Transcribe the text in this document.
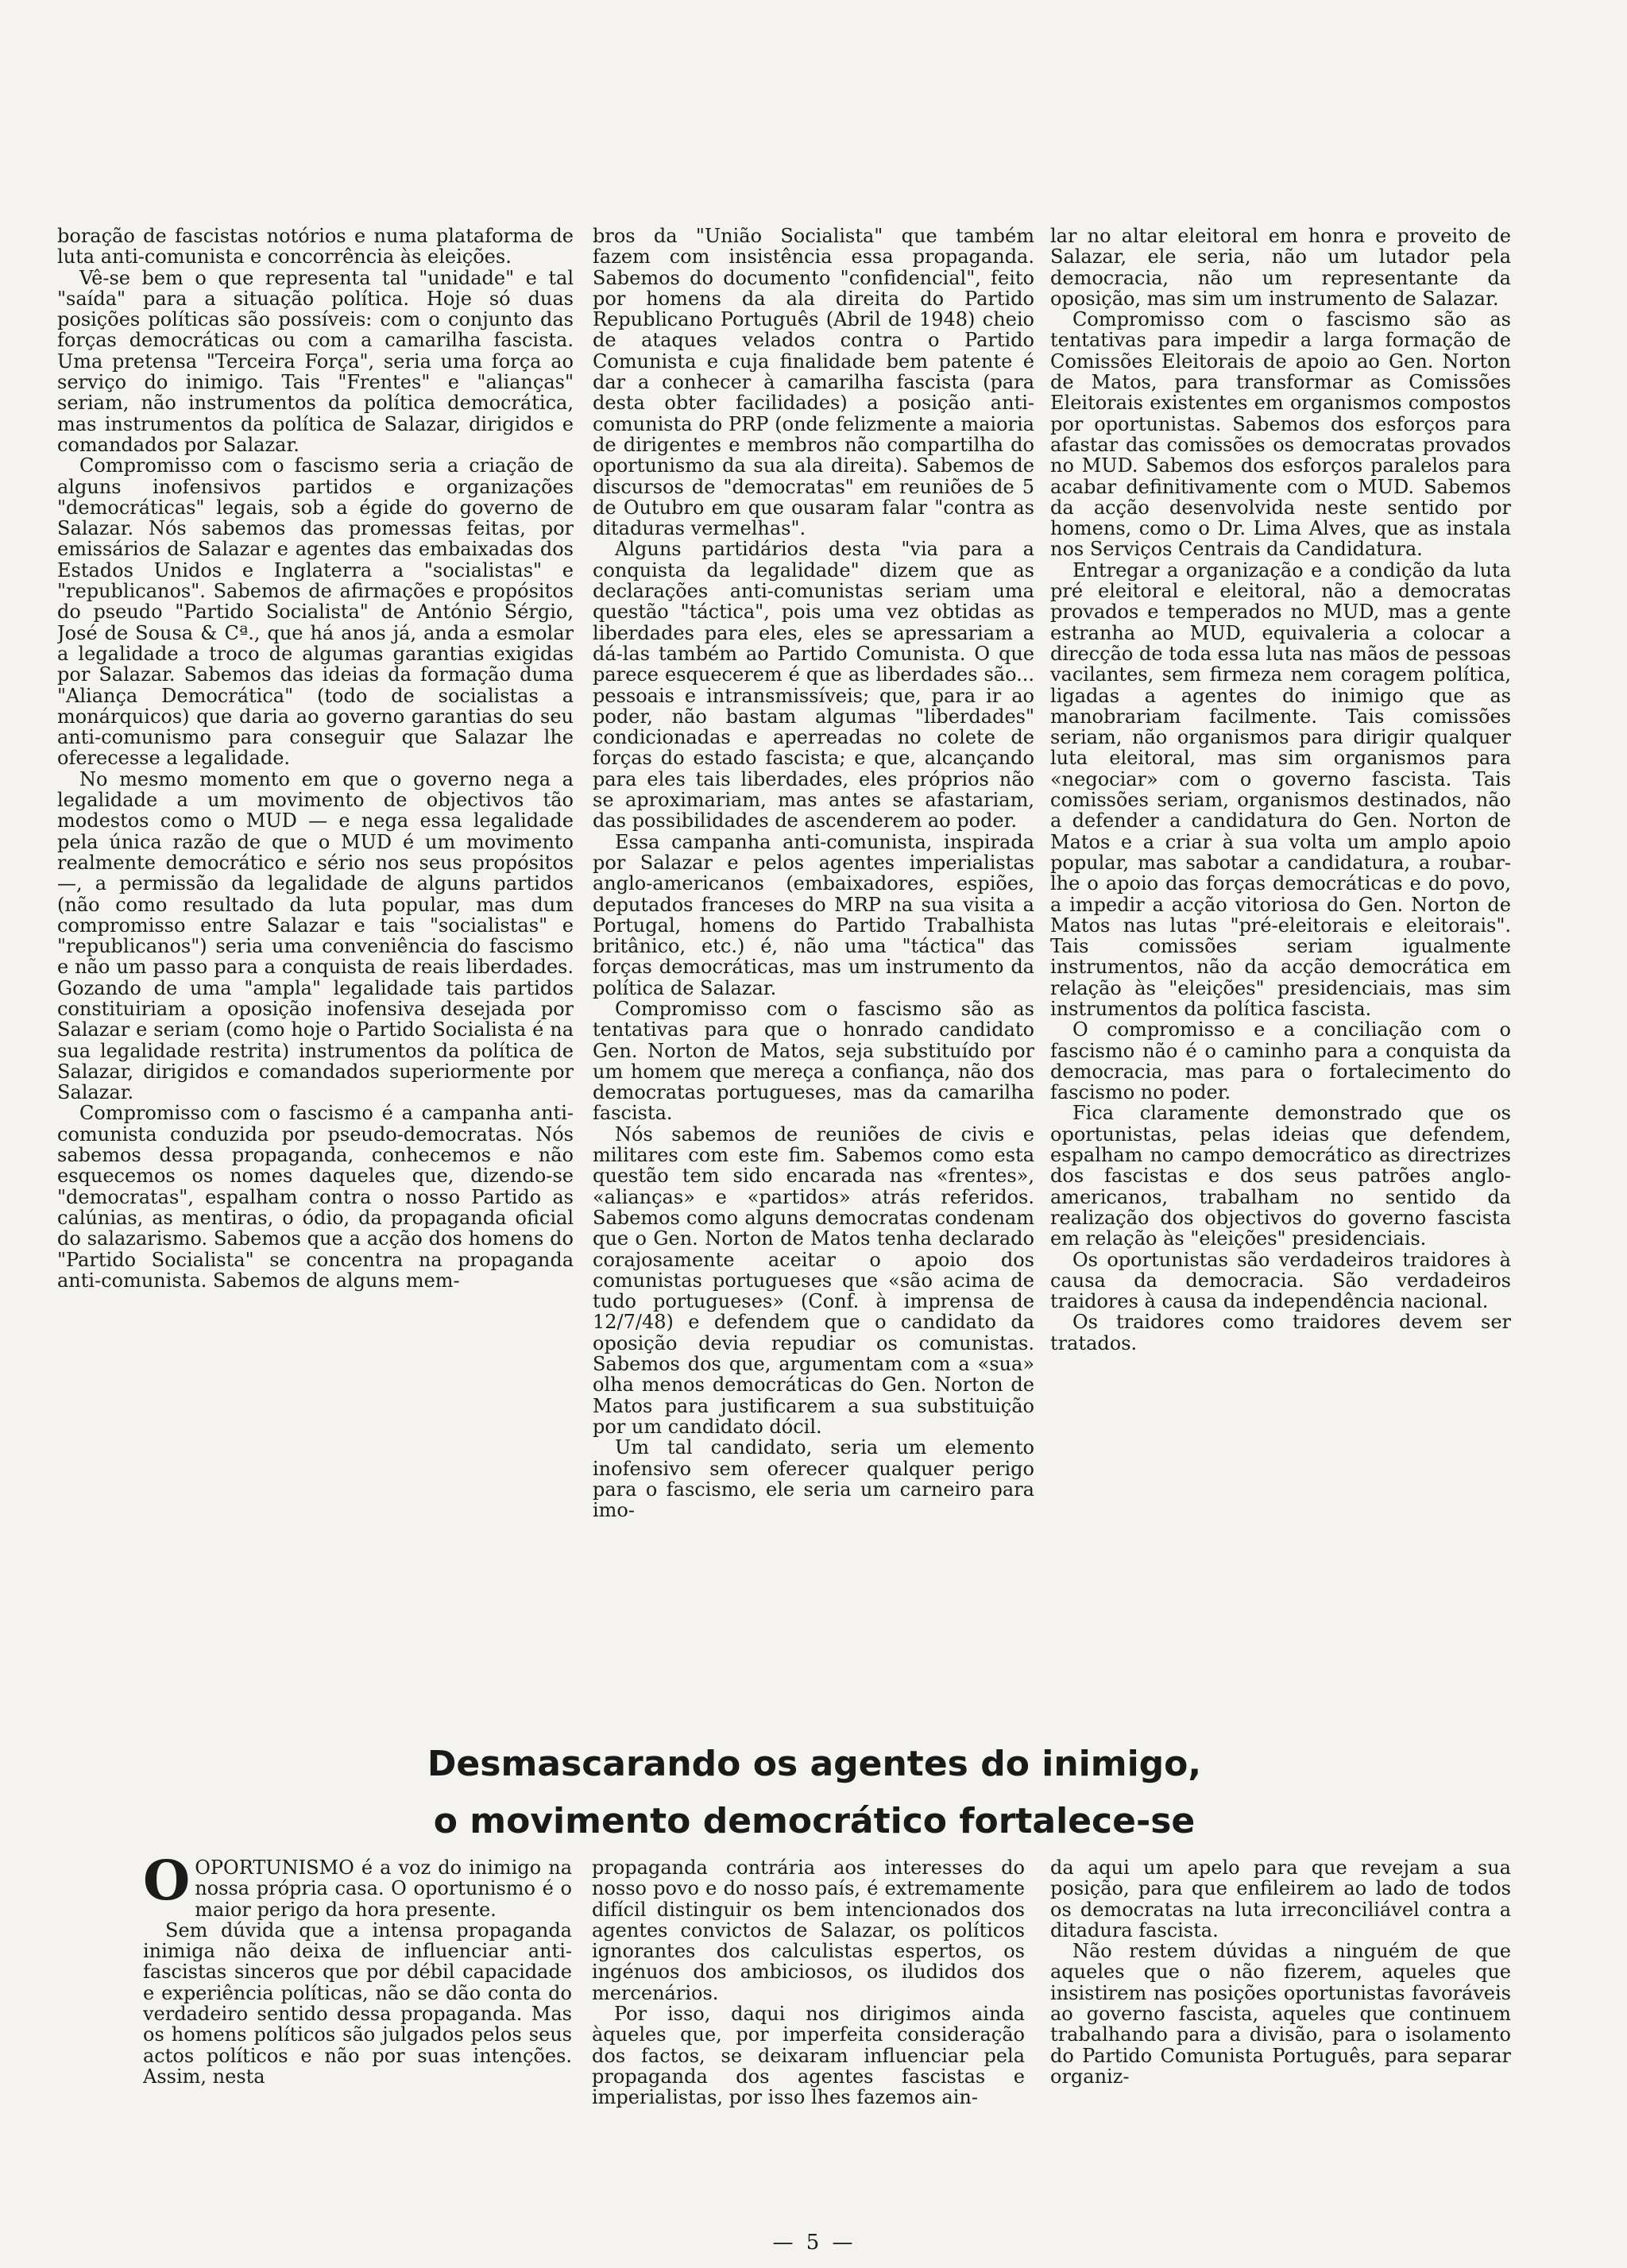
boração de fascistas notórios e numa plataforma de luta anti-comunista e concorrência às eleições.

Vê-se bem o que representa tal "unidade" e tal "saída" para a situação política. Hoje só duas posições políticas são possíveis: com o conjunto das forças democráticas ou com a camarilha fascista. Uma pretensa "Terceira Força", seria uma força ao serviço do inimigo. Tais "Frentes" e "alianças" seriam, não instrumentos da política democrática, mas instrumentos da política de Salazar, dirigidos e comandados por Salazar.

Compromisso com o fascismo seria a criação de alguns inofensivos partidos e organizações "democráticas" legais, sob a égide do governo de Salazar. Nós sabemos das promessas feitas, por emissários de Salazar e agentes das embaixadas dos Estados Unidos e Inglaterra a "socialistas" e "republicanos". Sabemos de afirmações e propósitos do pseudo "Partido Socialista" de António Sérgio, José de Sousa & Cª., que há anos já, anda a esmolar a legalidade a troco de algumas garantias exigidas por Salazar. Sabemos das ideias da formação duma "Aliança Democrática" (todo de socialistas a monárquicos) que daria ao governo garantias do seu anti-comunismo para conseguir que Salazar lhe oferecesse a legalidade.

No mesmo momento em que o governo nega a legalidade a um movimento de objectivos tão modestos como o MUD — e nega essa legalidade pela única razão de que o MUD é um movimento realmente democrático e sério nos seus propósitos —, a permissão da legalidade de alguns partidos (não como resultado da luta popular, mas dum compromisso entre Salazar e tais "socialistas" e "republicanos") seria uma conveniência do fascismo e não um passo para a conquista de reais liberdades. Gozando de uma "ampla" legalidade tais partidos constituiriam a oposição inofensiva desejada por Salazar e seriam (como hoje o Partido Socialista é na sua legalidade restrita) instrumentos da política de Salazar, dirigidos e comandados superiormente por Salazar.

Compromisso com o fascismo é a campanha anti-comunista conduzida por pseudo-democratas. Nós sabemos dessa propaganda, conhecemos e não esquecemos os nomes daqueles que, dizendo-se "democratas", espalham contra o nosso Partido as calúnias, as mentiras, o ódio, da propaganda oficial do salazarismo. Sabemos que a acção dos homens do "Partido Socialista" se concentra na propaganda anti-comunista. Sabemos de alguns mem-

bros da "União Socialista" que também fazem com insistência essa propaganda. Sabemos do documento "confidencial", feito por homens da ala direita do Partido Republicano Português (Abril de 1948) cheio de ataques velados contra o Partido Comunista e cuja finalidade bem patente é dar a conhecer à camarilha fascista (para desta obter facilidades) a posição anti-comunista do PRP (onde felizmente a maioria de dirigentes e membros não compartilha do oportunismo da sua ala direita). Sabemos de discursos de "democratas" em reuniões de 5 de Outubro em que ousaram falar "contra as ditaduras vermelhas".

Alguns partidários desta "via para a conquista da legalidade" dizem que as declarações anti-comunistas seriam uma questão "táctica", pois uma vez obtidas as liberdades para eles, eles se apressariam a dá-las também ao Partido Comunista. O que parece esquecerem é que as liberdades são... pessoais e intransmissíveis; que, para ir ao poder, não bastam algumas "liberdades" condicionadas e aperreadas no colete de forças do estado fascista; e que, alcançando para eles tais liberdades, eles próprios não se aproximariam, mas antes se afastariam, das possibilidades de ascenderem ao poder.

Essa campanha anti-comunista, inspirada por Salazar e pelos agentes imperialistas anglo-americanos (embaixadores, espiões, deputados franceses do MRP na sua visita a Portugal, homens do Partido Trabalhista britânico, etc.) é, não uma "táctica" das forças democráticas, mas um instrumento da política de Salazar.

Compromisso com o fascismo são as tentativas para que o honrado candidato Gen. Norton de Matos, seja substituído por um homem que mereça a confiança, não dos democratas portugueses, mas da camarilha fascista.

Nós sabemos de reuniões de civis e militares com este fim. Sabemos como esta questão tem sido encarada nas «frentes», «alianças» e «partidos» atrás referidos. Sabemos como alguns democratas condenam que o Gen. Norton de Matos tenha declarado corajosamente aceitar o apoio dos comunistas portugueses que «são acima de tudo portugueses» (Conf. à imprensa de 12/7/48) e defendem que o candidato da oposição devia repudiar os comunistas. Sabemos dos que, argumentam com a «sua» olha menos democráticas do Gen. Norton de Matos para justificarem a sua substituição por um candidato dócil.

Um tal candidato, seria um elemento inofensivo sem oferecer qualquer perigo para o fascismo, ele seria um carneiro para imo-

lar no altar eleitoral em honra e proveito de Salazar, ele seria, não um lutador pela democracia, não um representante da oposição, mas sim um instrumento de Salazar.

Compromisso com o fascismo são as tentativas para impedir a larga formação de Comissões Eleitorais de apoio ao Gen. Norton de Matos, para transformar as Comissões Eleitorais existentes em organismos compostos por oportunistas. Sabemos dos esforços para afastar das comissões os democratas provados no MUD. Sabemos dos esforços paralelos para acabar definitivamente com o MUD. Sabemos da acção desenvolvida neste sentido por homens, como o Dr. Lima Alves, que as instala nos Serviços Centrais da Candidatura.

Entregar a organização e a condição da luta pré eleitoral e eleitoral, não a democratas provados e temperados no MUD, mas a gente estranha ao MUD, equivaleria a colocar a direcção de toda essa luta nas mãos de pessoas vacilantes, sem firmeza nem coragem política, ligadas a agentes do inimigo que as manobrariam facilmente. Tais comissões seriam, não organismos para dirigir qualquer luta eleitoral, mas sim organismos para «negociar» com o governo fascista. Tais comissões seriam, organismos destinados, não a defender a candidatura do Gen. Norton de Matos e a criar à sua volta um amplo apoio popular, mas sabotar a candidatura, a roubar-lhe o apoio das forças democráticas e do povo, a impedir a acção vitoriosa do Gen. Norton de Matos nas lutas "pré-eleitorais e eleitorais". Tais comissões seriam igualmente instrumentos, não da acção democrática em relação às "eleições" presidenciais, mas sim instrumentos da política fascista.

O compromisso e a conciliação com o fascismo não é o caminho para a conquista da democracia, mas para o fortalecimento do fascismo no poder.

Fica claramente demonstrado que os oportunistas, pelas ideias que defendem, espalham no campo democrático as directrizes dos fascistas e dos seus patrões anglo-americanos, trabalham no sentido da realização dos objectivos do governo fascista em relação às "eleições" presidenciais.

Os oportunistas são verdadeiros traidores à causa da democracia. São verdadeiros traidores à causa da independência nacional.

Os traidores como traidores devem ser tratados.

Desmascarando os agentes do inimigo,
o movimento democrático fortalece-se

OOPORTUNISMO é a voz do inimigo na nossa própria casa. O oportunismo é o maior perigo da hora presente.

Sem dúvida que a intensa propaganda inimiga não deixa de influenciar anti-fascistas sinceros que por débil capacidade e experiência políticas, não se dão conta do verdadeiro sentido dessa propaganda. Mas os homens políticos são julgados pelos seus actos políticos e não por suas intenções. Assim, nesta

propaganda contrária aos interesses do nosso povo e do nosso país, é extremamente difícil distinguir os bem intencionados dos agentes convictos de Salazar, os políticos ignorantes dos calculistas espertos, os ingénuos dos ambiciosos, os iludidos dos mercenários.

Por isso, daqui nos dirigimos ainda àqueles que, por imperfeita consideração dos factos, se deixaram influenciar pela propaganda dos agentes fascistas e imperialistas, por isso lhes fazemos ain-

da aqui um apelo para que revejam a sua posição, para que enfileirem ao lado de todos os democratas na luta irreconciliável contra a ditadura fascista.

Não restem dúvidas a ninguém de que aqueles que o não fizerem, aqueles que insistirem nas posições oportunistas favoráveis ao governo fascista, aqueles que continuem trabalhando para a divisão, para o isolamento do Partido Comunista Português, para separar organiz-

— 5 —
